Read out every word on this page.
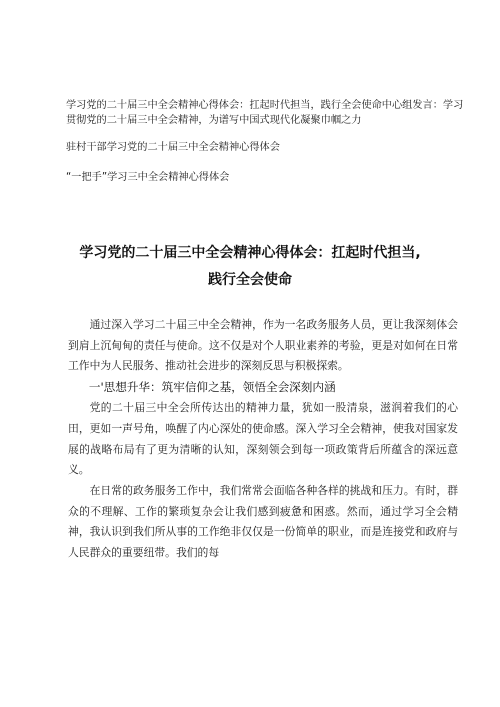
学习党的二十届三中全会精神心得体会：扛起时代担当，践行全会使命中心组发言：学习贯彻党的二十届三中全会精神，为谱写中国式现代化凝聚巾帼之力
驻村干部学习党的二十届三中全会精神心得体会
“一把手”学习三中全会精神心得体会
学习党的二十届三中全会精神心得体会：扛起时代担当,
践行全会使命

通过深入学习二十届三中全会精神，作为一名政务服务人员，更让我深刻体会到肩上沉甸甸的责任与使命。这不仅是对个人职业素养的考验，更是对如何在日常工作中为人民服务、推动社会进步的深刻反思与积极探索。

一'思想升华：筑牢信仰之基，领悟全会深刻内涵

党的二十届三中全会所传达出的精神力量，犹如一股清泉，滋润着我们的心田，更如一声号角，唤醒了内心深处的使命感。深入学习全会精神，使我对国家发展的战略布局有了更为清晰的认知，深刻领会到每一项政策背后所蕴含的深远意义。

在日常的政务服务工作中，我们常常会面临各种各样的挑战和压力。有时，群众的不理解、工作的繁琐复杂会让我们感到疲惫和困惑。然而，通过学习全会精神，我认识到我们所从事的工作绝非仅仅是一份简单的职业，而是连接党和政府与人民群众的重要纽带。我们的每
